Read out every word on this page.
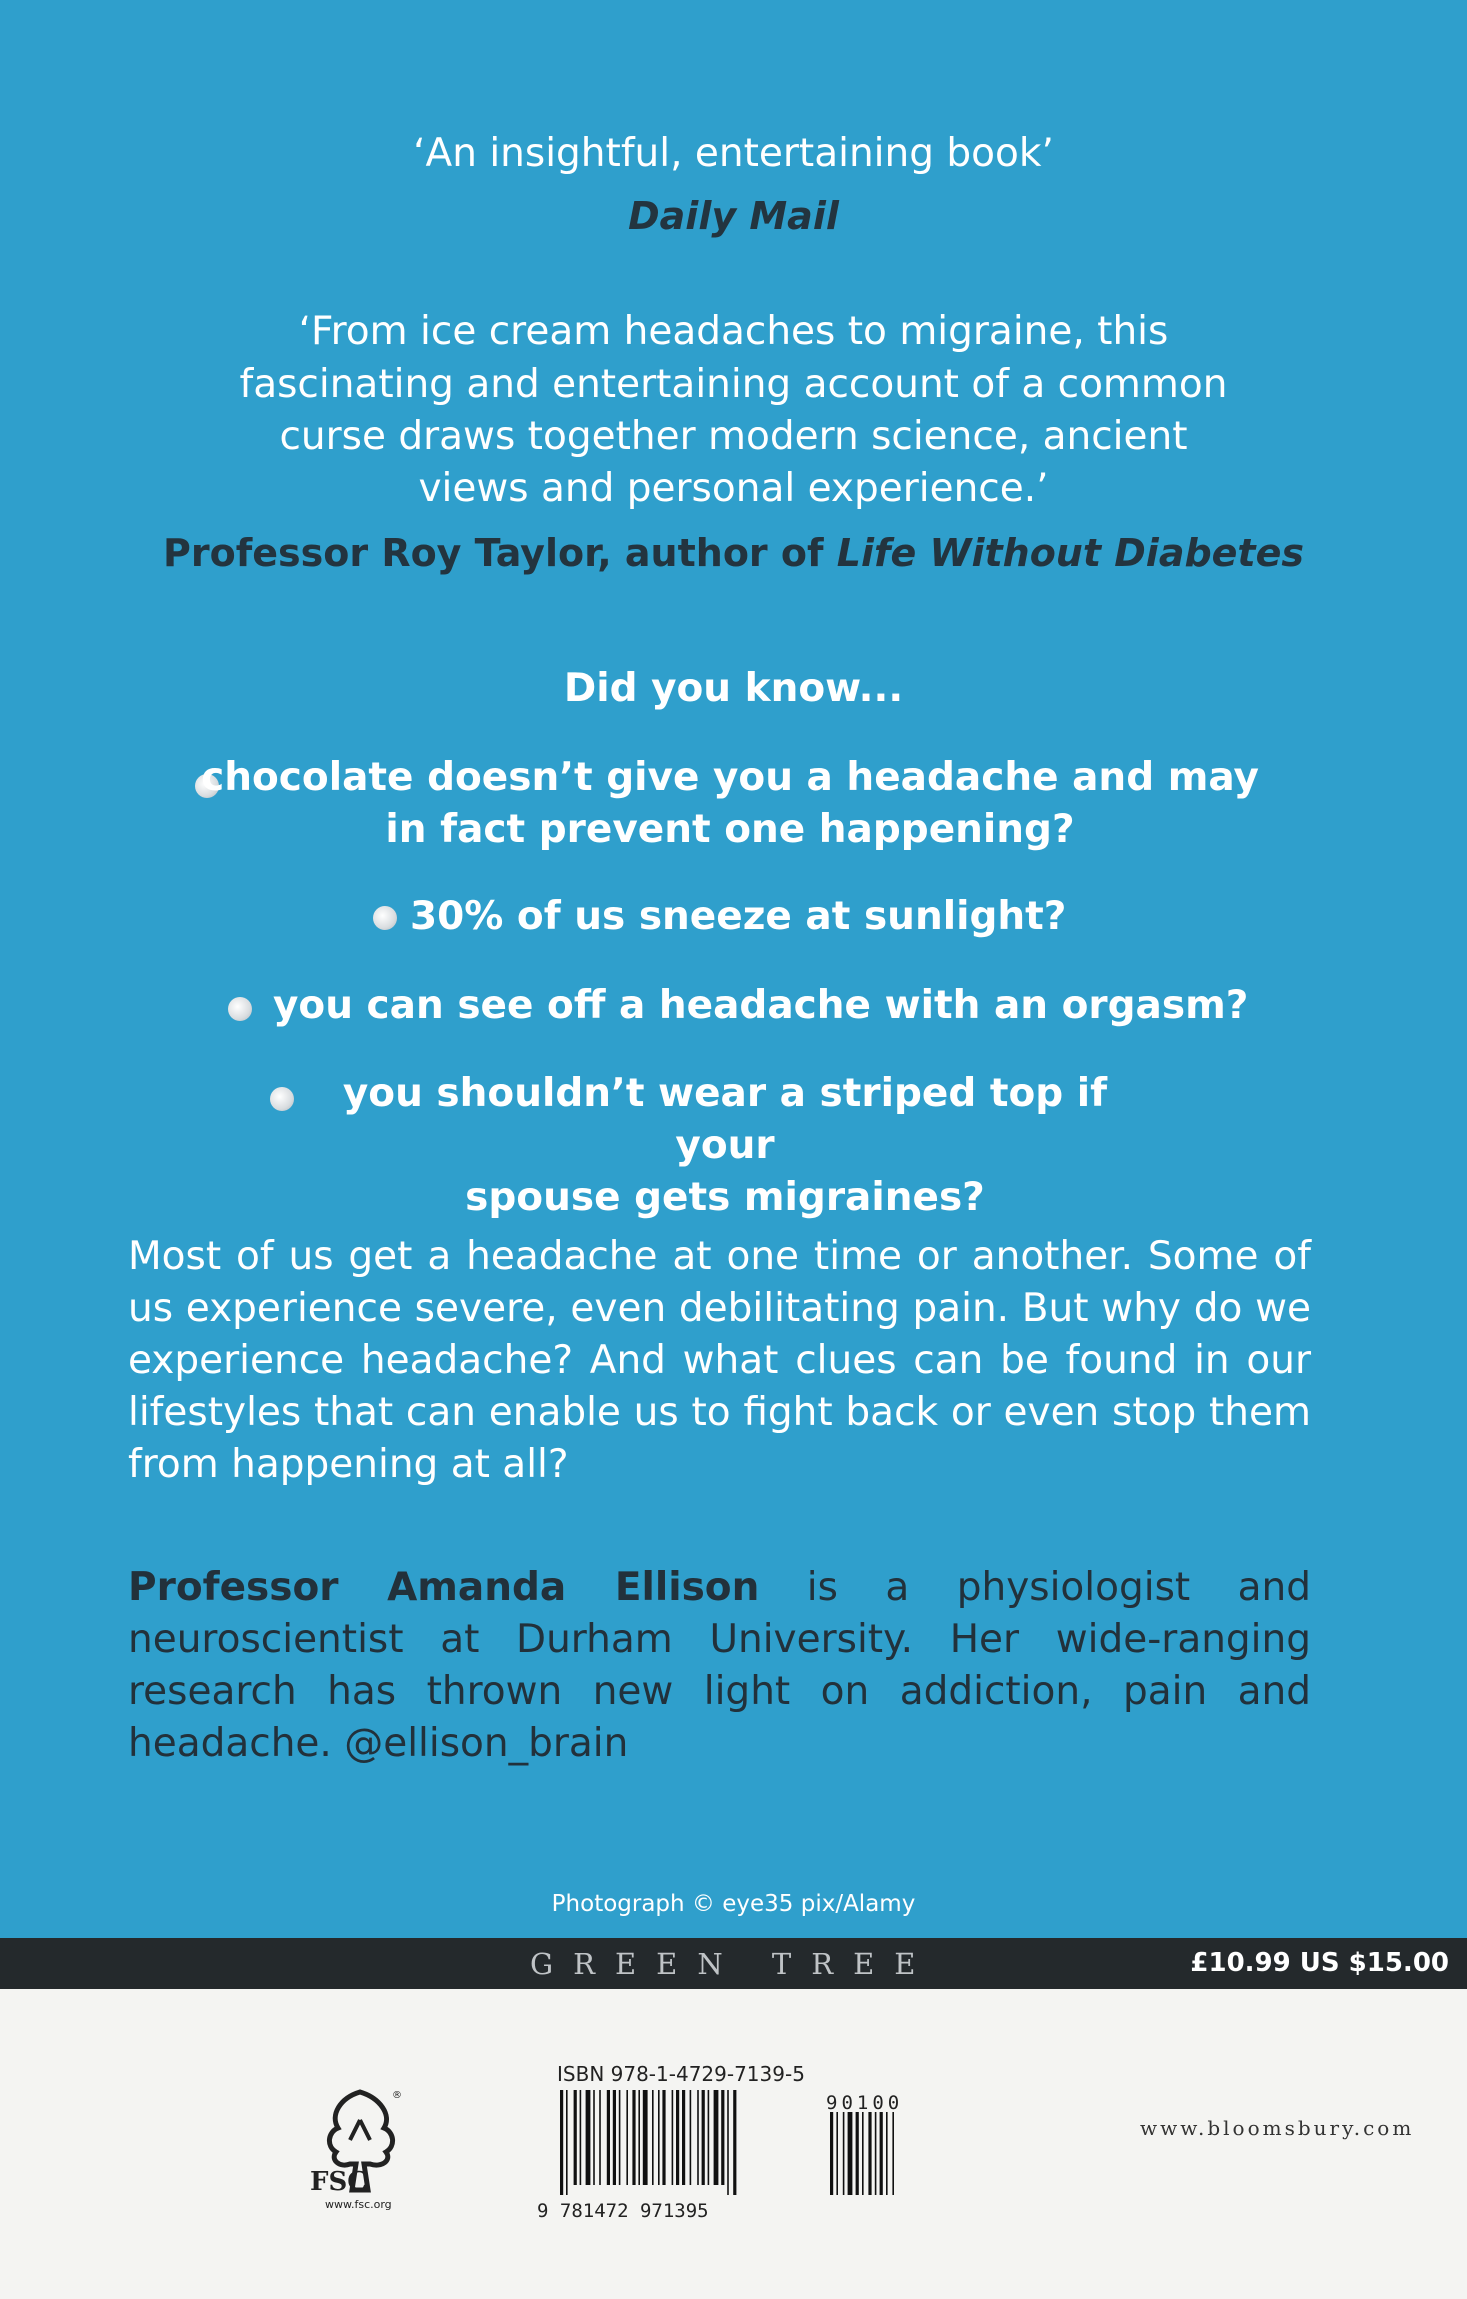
‘An insightful, entertaining book’
Daily Mail
‘From ice cream headaches to migraine, this
fascinating and entertaining account of a common
curse draws together modern science, ancient
views and personal experience.’
Professor Roy Taylor, author of Life Without Diabetes
Did you know...
chocolate doesn’t give you a headache and may
in fact prevent one happening?
30% of us sneeze at sunlight?
you can see off a headache with an orgasm?
you shouldn’t wear a striped top if your
spouse gets migraines?
Most of us get a headache at one time or another. Some of us experience severe, even debilitating pain. But why do we experience headache? And what clues can be found in our lifestyles that can enable us to fight back or even stop them from happening at all?
Professor Amanda Ellison is a physiologist and neuroscientist at Durham University. Her wide-ranging research has thrown new light on addiction, pain and headache. @ellison_brain
Photograph © eye35 pix/Alamy
GREEN TREE	£10.99 US $15.00
®
FSC
www.fsc.org
ISBN 978-1-4729-7139-5
9 781472 971395
90100
www.bloomsbury.com
